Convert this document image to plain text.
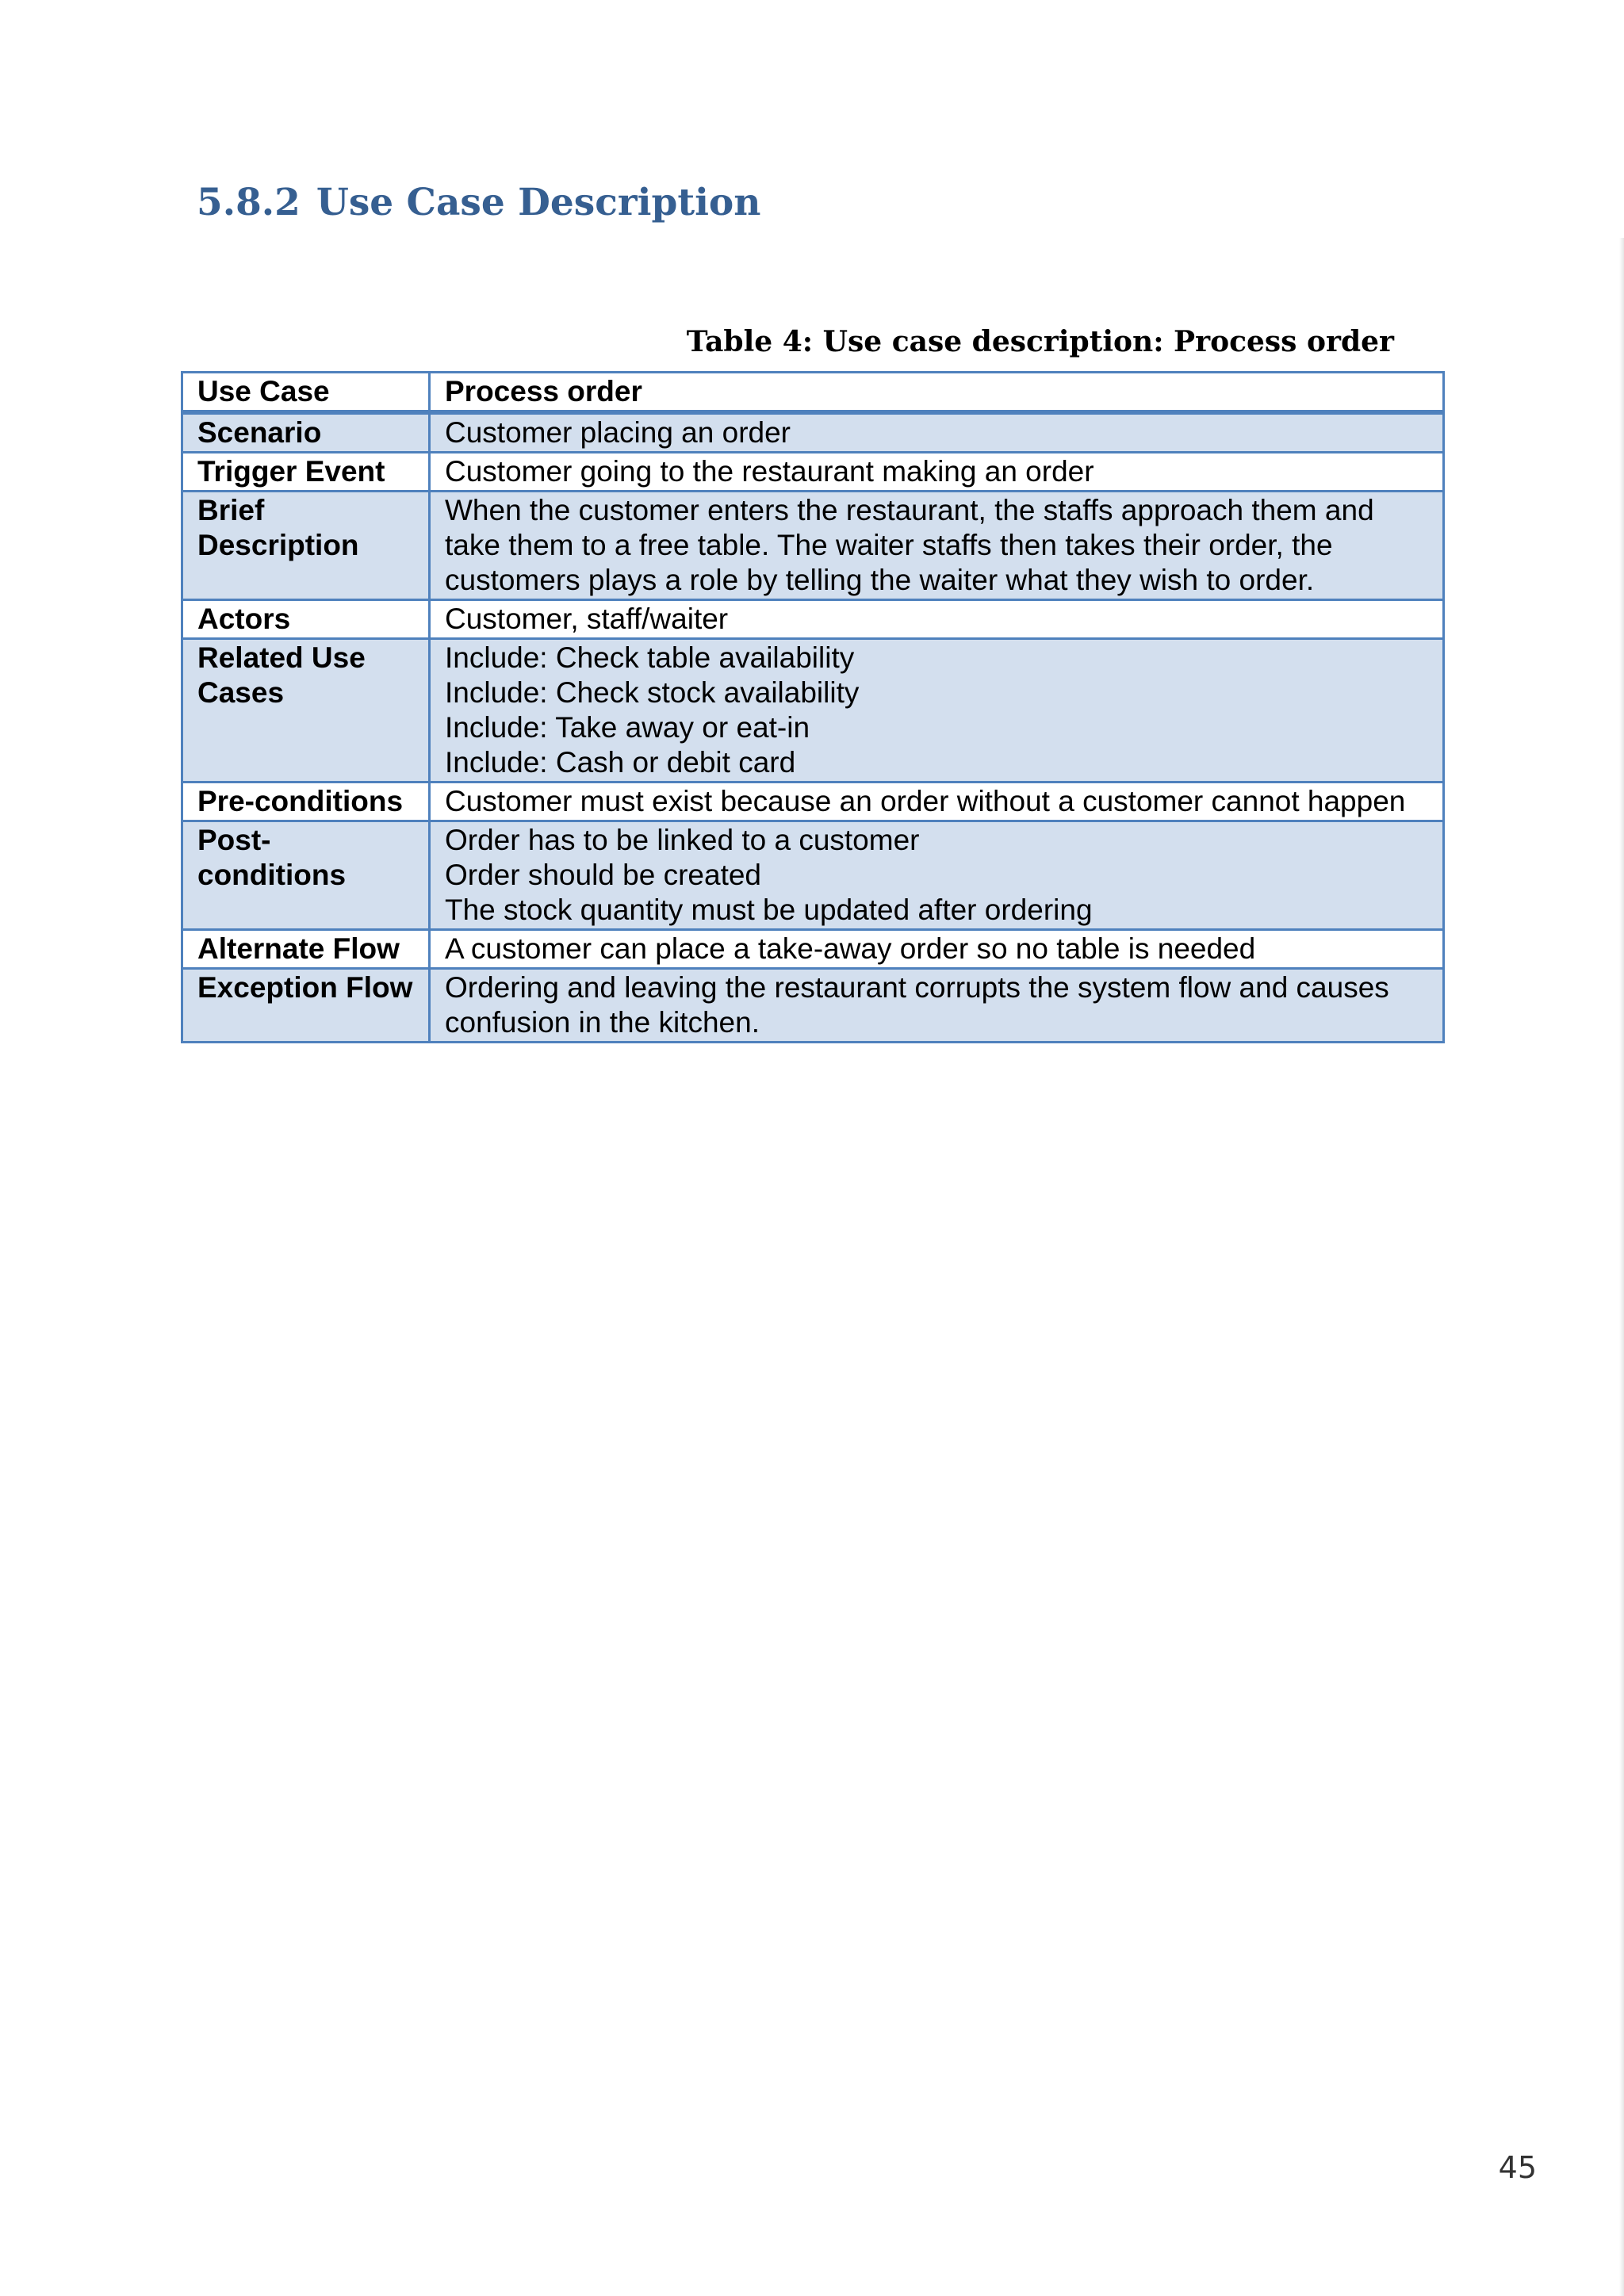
5.8.2 Use Case Description

Table 4: Use case description: Process order

Use Case	Process order

Scenario	Customer placing an order

Trigger Event	Customer going to the restaurant making an order

Brief Description	When the customer enters the restaurant, the staffs approach them and take them to a free table. The waiter staffs then takes their order, the customers plays a role by telling the waiter what they wish to order.

Actors	Customer, staff/waiter

Related Use Cases	Include: Check table availability
Include: Check stock availability
Include: Take away or eat-in
Include: Cash or debit card

Pre-conditions	Customer must exist because an order without a customer cannot happen

Post-conditions	Order has to be linked to a customer
Order should be created
The stock quantity must be updated after ordering

Alternate Flow	A customer can place a take-away order so no table is needed

Exception Flow	Ordering and leaving the restaurant corrupts the system flow and causes confusion in the kitchen.
45
